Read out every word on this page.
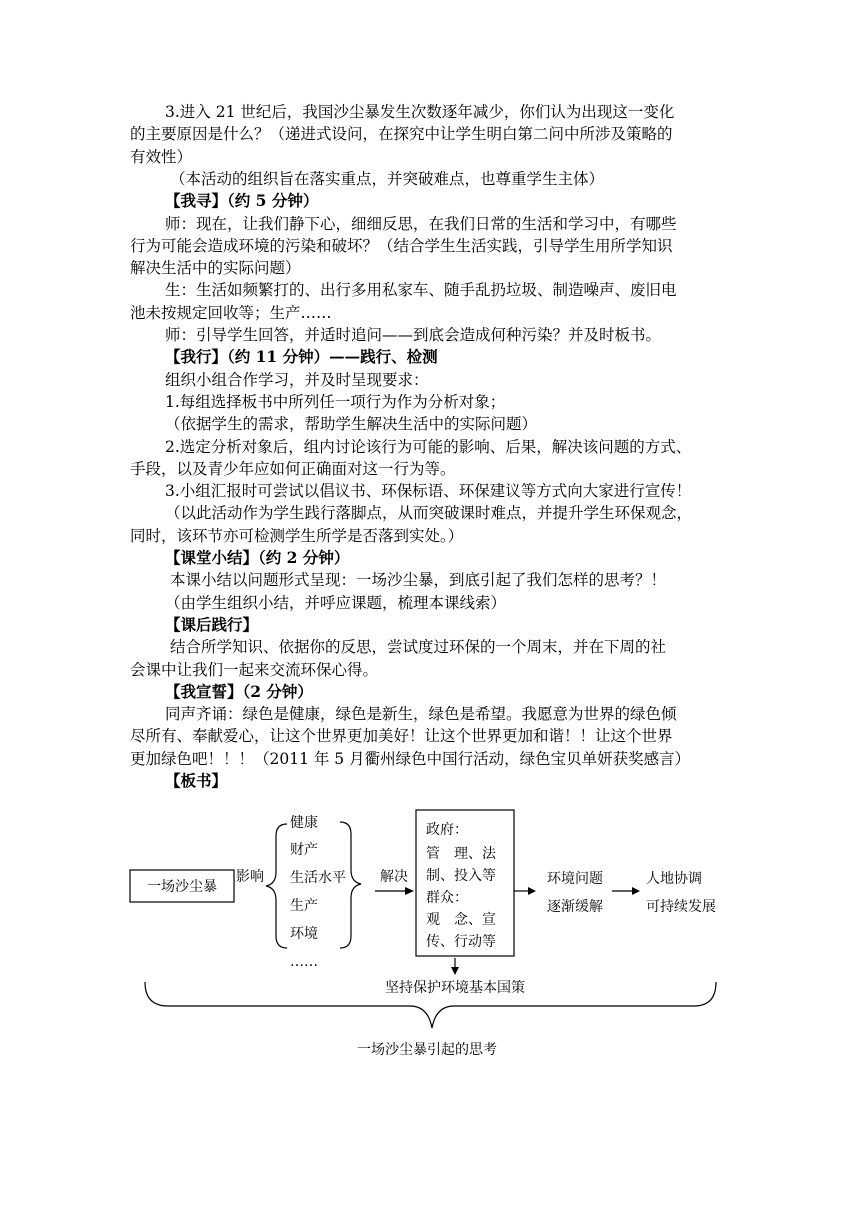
3.进入 21 世纪后，我国沙尘暴发生次数逐年减少，你们认为出现这一变化
的主要原因是什么？（递进式设问，在探究中让学生明白第二问中所涉及策略的
有效性）
（本活动的组织旨在落实重点，并突破难点，也尊重学生主体）
【我寻】（约 5 分钟）
师：现在，让我们静下心，细细反思，在我们日常的生活和学习中，有哪些
行为可能会造成环境的污染和破坏？（结合学生生活实践，引导学生用所学知识
解决生活中的实际问题）
生：生活如频繁打的、出行多用私家车、随手乱扔垃圾、制造噪声、废旧电
池未按规定回收等；生产……
师：引导学生回答，并适时追问——到底会造成何种污染？并及时板书。
【我行】（约 11 分钟）——践行、检测
组织小组合作学习，并及时呈现要求：
1.每组选择板书中所列任一项行为作为分析对象；
（依据学生的需求，帮助学生解决生活中的实际问题）
2.选定分析对象后，组内讨论该行为可能的影响、后果，解决该问题的方式、
手段，以及青少年应如何正确面对这一行为等。
3.小组汇报时可尝试以倡议书、环保标语、环保建议等方式向大家进行宣传！
（以此活动作为学生践行落脚点，从而突破课时难点，并提升学生环保观念，
同时，该环节亦可检测学生所学是否落到实处。）
【课堂小结】（约 2 分钟）
本课小结以问题形式呈现：一场沙尘暴，到底引起了我们怎样的思考？！
（由学生组织小结，并呼应课题，梳理本课线索）
【课后践行】
结合所学知识、依据你的反思，尝试度过环保的一个周末，并在下周的社
会课中让我们一起来交流环保心得。
【我宣誓】（2 分钟）
同声齐诵：绿色是健康，绿色是新生，绿色是希望。我愿意为世界的绿色倾
尽所有、奉献爱心，让这个世界更加美好！让这个世界更加和谐！！让这个世界
更加绿色吧！！！（2011 年 5 月衢州绿色中国行活动，绿色宝贝单妍获奖感言）
【板书】
一场沙尘暴
影响
健康
财产
生活水平
生产
环境
……
解决
政府：
管　理、法
制、投入等
群众：
观　念、宣
传、行动等
环境问题
逐渐缓解
人地协调
可持续发展
坚持保护环境基本国策
一场沙尘暴引起的思考
